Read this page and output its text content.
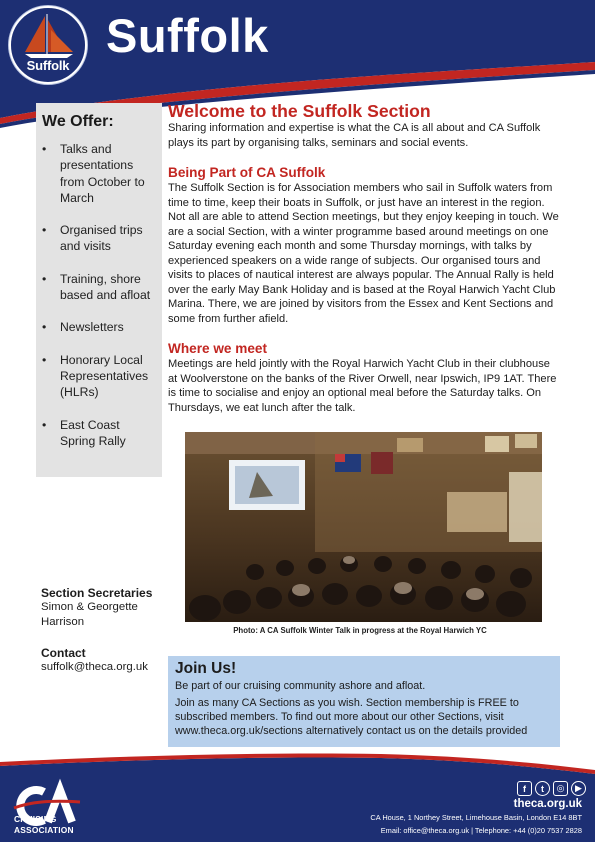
Suffolk
Suffolk
We Offer:
• Talks and presentations from October to March
• Organised trips and visits
• Training, shore based and afloat
• Newsletters
• Honorary Local Representatives (HLRs)
• East Coast Spring Rally
Section Secretaries
Simon & Georgette
Harrison
Contact
suffolk@theca.org.uk
Welcome to the Suffolk Section

Sharing information and expertise is what the CA is all about and CA Suffolk plays its part by organising talks, seminars and social events.

Being Part of CA Suffolk

The Suffolk Section is for Association members who sail in Suffolk waters from time to time, keep their boats in Suffolk, or just have an interest in the region. Not all are able to attend Section meetings, but they enjoy keeping in touch. We are a social Section, with a winter programme based around meetings on one Saturday evening each month and some Thursday mornings, with talks by experienced speakers on a wide range of subjects. Our organised tours and visits to places of nautical interest are always popular. The Annual Rally is held over the early May Bank Holiday and is based at the Royal Harwich Yacht Club Marina. There, we are joined by visitors from the Essex and Kent Sections and some from further afield.

Where we meet

Meetings are held jointly with the Royal Harwich Yacht Club in their clubhouse at Woolverstone on the banks of the River Orwell, near Ipswich, IP9 1AT. There is time to socialise and enjoy an optional meal before the Saturday talks. On Thursdays, we eat lunch after the talk.

Photo: A CA Suffolk Winter Talk in progress at the Royal Harwich YC
Join Us!
Be part of our cruising community ashore and afloat.
Join as many CA Sections as you wish. Section membership is FREE to subscribed members. To find out more about our other Sections, visit www.theca.org.uk/sections alternatively contact us on the details provided
CA
CRUISING
ASSOCIATION
f	t	◎	▶
theca.org.uk
CA House, 1 Northey Street, Limehouse Basin, London E14 8BT
Email: office@theca.org.uk | Telephone: +44 (0)20 7537 2828
